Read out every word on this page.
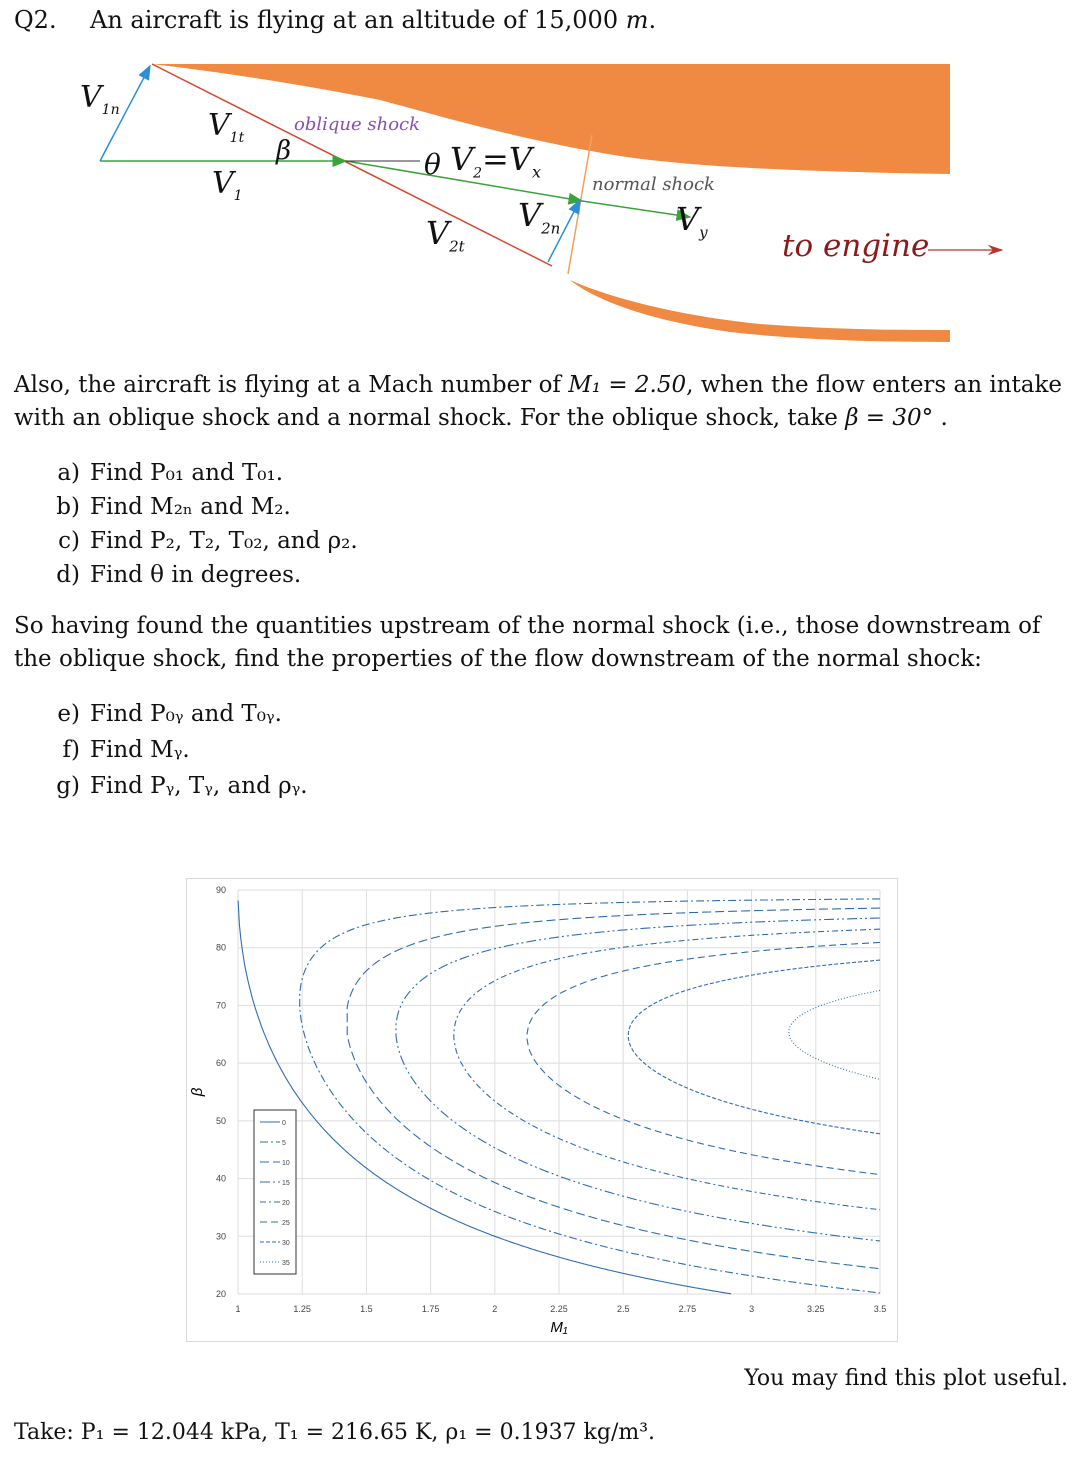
Q2. An aircraft is flying at an altitude of 15,000 m.
$V_{1n}$	$V_{1t}$
$V_1$
oblique shock
β	θ $V_2=V_x$
normal shock
$V_{2n}$
$V_{2t}$
$V_y$ to engine
Also, the aircraft is flying at a Mach number of M₁ = 2.50, when the flow enters an intake with an oblique shock and a normal shock. For the oblique shock, take β = 30° .
a) Find P₀₁ and T₀₁.
b) Find M₂ₙ and M₂.
c) Find P₂, T₂, T₀₂, and ρ₂.
d) Find θ in degrees.
So having found the quantities upstream of the normal shock (i.e., those downstream of the oblique shock, find the properties of the flow downstream of the normal shock:
e) Find P₀ᵧ and T₀ᵧ.
f) Find Mᵧ.
g) Find Pᵧ, Tᵧ, and ρᵧ.
1	1.25	1.5	1.75	2	2.25	2.5	2.75	3	3.25	3.5
20
30
40
50
60
70
80
90
0
5
10
15
20
25
30
35
M₁
β
You may find this plot useful.
Take: P₁ = 12.044 kPa, T₁ = 216.65 K, ρ₁ = 0.1937 kg/m³.
